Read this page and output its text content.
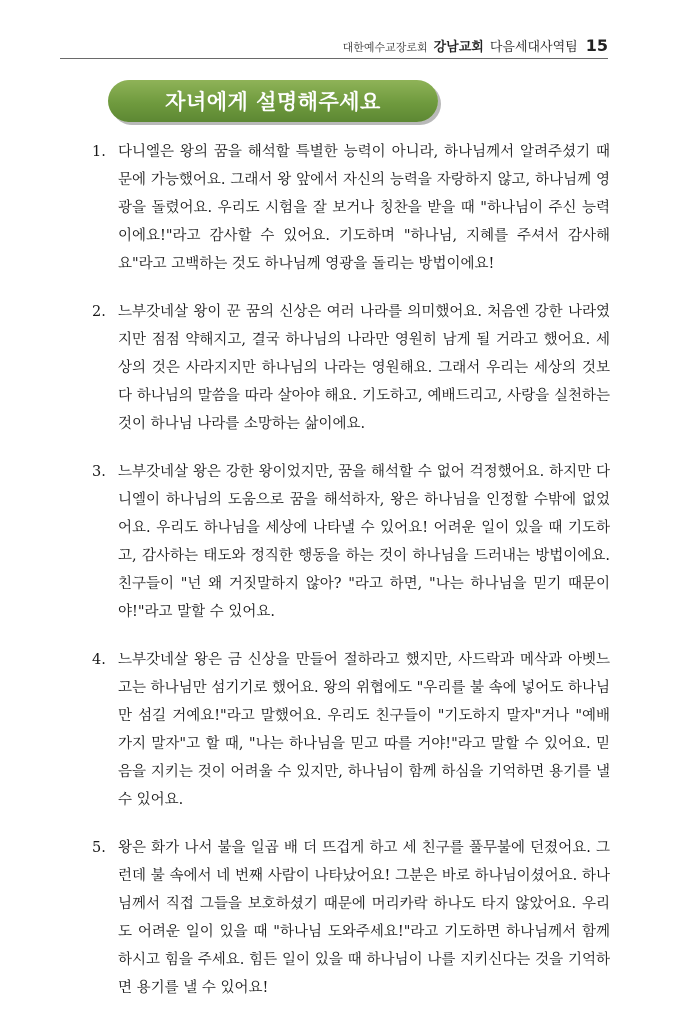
대한예수교장로회 강남교회 다음세대사역팀 15
자녀에게 설명해주세요
1. 다니엘은 왕의 꿈을 해석할 특별한 능력이 아니라, 하나님께서 알려주셨기 때문에 가능했어요. 그래서 왕 앞에서 자신의 능력을 자랑하지 않고, 하나님께 영광을 돌렸어요. 우리도 시험을 잘 보거나 칭찬을 받을 때 "하나님이 주신 능력이에요!"라고 감사할 수 있어요. 기도하며 "하나님, 지혜를 주셔서 감사해요"라고 고백하는 것도 하나님께 영광을 돌리는 방법이에요!
2. 느부갓네살 왕이 꾼 꿈의 신상은 여러 나라를 의미했어요. 처음엔 강한 나라였지만 점점 약해지고, 결국 하나님의 나라만 영원히 남게 될 거라고 했어요. 세상의 것은 사라지지만 하나님의 나라는 영원해요. 그래서 우리는 세상의 것보다 하나님의 말씀을 따라 살아야 해요. 기도하고, 예배드리고, 사랑을 실천하는 것이 하나님 나라를 소망하는 삶이에요.
3. 느부갓네살 왕은 강한 왕이었지만, 꿈을 해석할 수 없어 걱정했어요. 하지만 다니엘이 하나님의 도움으로 꿈을 해석하자, 왕은 하나님을 인정할 수밖에 없었어요. 우리도 하나님을 세상에 나타낼 수 있어요! 어려운 일이 있을 때 기도하고, 감사하는 태도와 정직한 행동을 하는 것이 하나님을 드러내는 방법이에요. 친구들이 "넌 왜 거짓말하지 않아? "라고 하면, "나는 하나님을 믿기 때문이야!"라고 말할 수 있어요.
4. 느부갓네살 왕은 금 신상을 만들어 절하라고 했지만, 사드락과 메삭과 아벳느고는 하나님만 섬기기로 했어요. 왕의 위협에도 "우리를 불 속에 넣어도 하나님만 섬길 거예요!"라고 말했어요. 우리도 친구들이 "기도하지 말자"거나 "예배 가지 말자"고 할 때, "나는 하나님을 믿고 따를 거야!"라고 말할 수 있어요. 믿음을 지키는 것이 어려울 수 있지만, 하나님이 함께 하심을 기억하면 용기를 낼 수 있어요.
5. 왕은 화가 나서 불을 일곱 배 더 뜨겁게 하고 세 친구를 풀무불에 던졌어요. 그런데 불 속에서 네 번째 사람이 나타났어요! 그분은 바로 하나님이셨어요. 하나님께서 직접 그들을 보호하셨기 때문에 머리카락 하나도 타지 않았어요. 우리도 어려운 일이 있을 때 "하나님 도와주세요!"라고 기도하면 하나님께서 함께하시고 힘을 주세요. 힘든 일이 있을 때 하나님이 나를 지키신다는 것을 기억하면 용기를 낼 수 있어요!
